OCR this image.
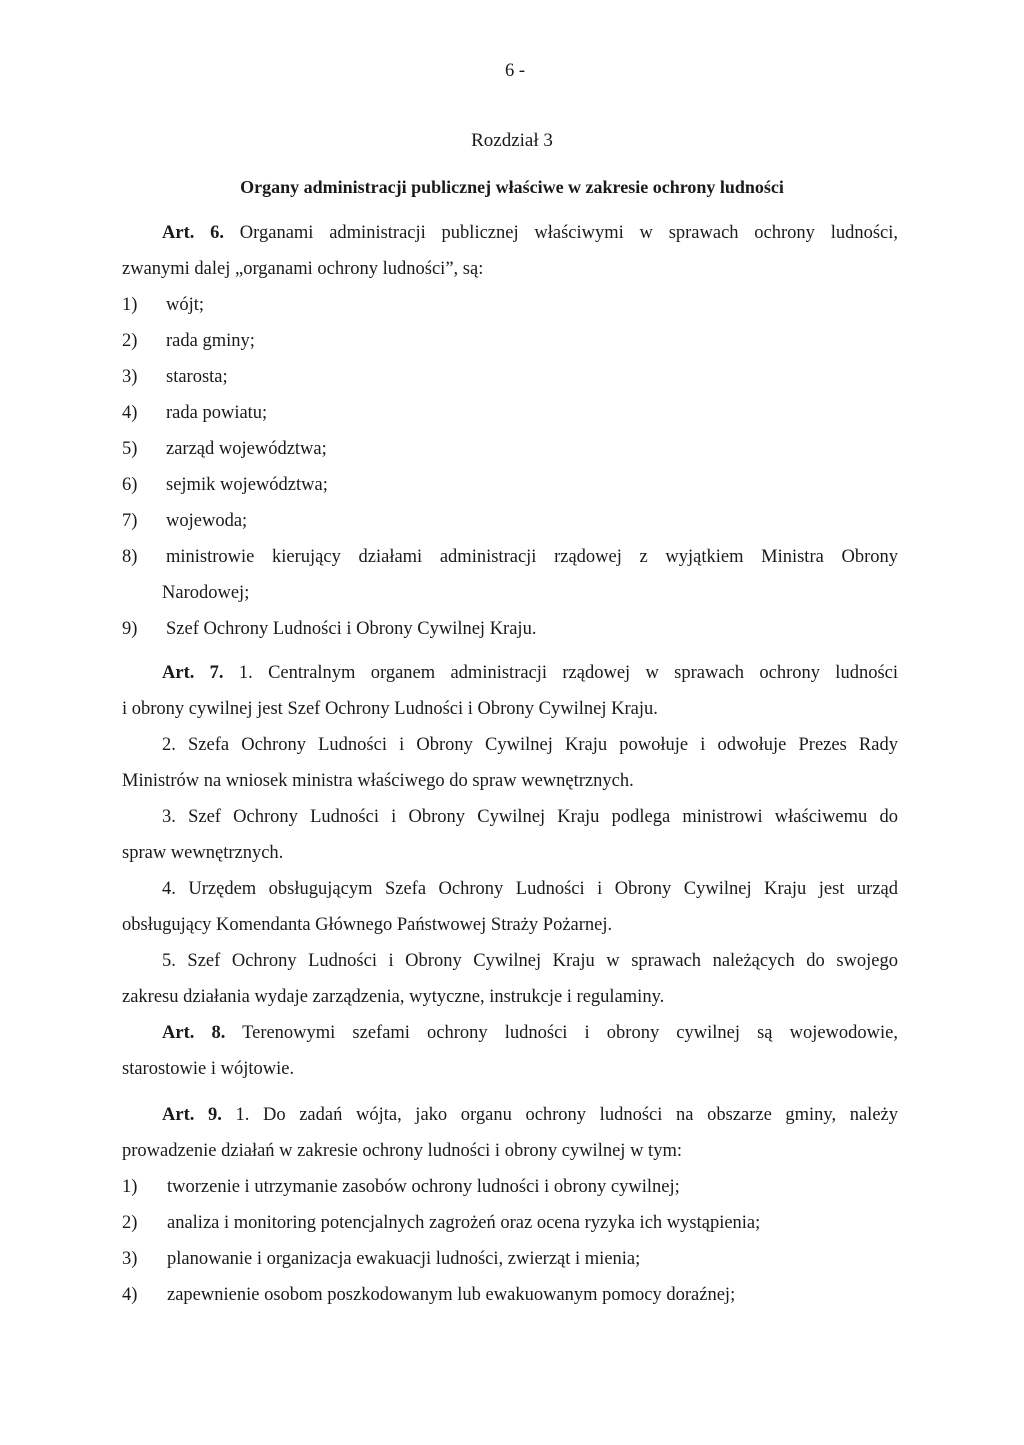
6 -

Rozdział 3

Organy administracji publicznej właściwe w zakresie ochrony ludności

Art. 6. Organami administracji publicznej właściwymi w sprawach ochrony ludności,

zwanymi dalej „organami ochrony ludności”, są:

1) wójt;
2) rada gminy;
3) starosta;
4) rada powiatu;
5) zarząd województwa;
6) sejmik województwa;
7) wojewoda;
8) ministrowie kierujący działami administracji rządowej z wyjątkiem Ministra Obrony

Narodowej;

9) Szef Ochrony Ludności i Obrony Cywilnej Kraju.

Art. 7. 1. Centralnym organem administracji rządowej w sprawach ochrony ludności

i obrony cywilnej jest Szef Ochrony Ludności i Obrony Cywilnej Kraju.

2. Szefa Ochrony Ludności i Obrony Cywilnej Kraju powołuje i odwołuje Prezes Rady

Ministrów na wniosek ministra właściwego do spraw wewnętrznych.

3. Szef Ochrony Ludności i Obrony Cywilnej Kraju podlega ministrowi właściwemu do

spraw wewnętrznych.

4. Urzędem obsługującym Szefa Ochrony Ludności i Obrony Cywilnej Kraju jest urząd

obsługujący Komendanta Głównego Państwowej Straży Pożarnej.

5. Szef Ochrony Ludności i Obrony Cywilnej Kraju w sprawach należących do swojego

zakresu działania wydaje zarządzenia, wytyczne, instrukcje i regulaminy.

Art. 8. Terenowymi szefami ochrony ludności i obrony cywilnej są wojewodowie,

starostowie i wójtowie.

Art. 9. 1. Do zadań wójta, jako organu ochrony ludności na obszarze gminy, należy

prowadzenie działań w zakresie ochrony ludności i obrony cywilnej w tym:

1) tworzenie i utrzymanie zasobów ochrony ludności i obrony cywilnej;
2) analiza i monitoring potencjalnych zagrożeń oraz ocena ryzyka ich wystąpienia;
3) planowanie i organizacja ewakuacji ludności, zwierząt i mienia;
4) zapewnienie osobom poszkodowanym lub ewakuowanym pomocy doraźnej;
